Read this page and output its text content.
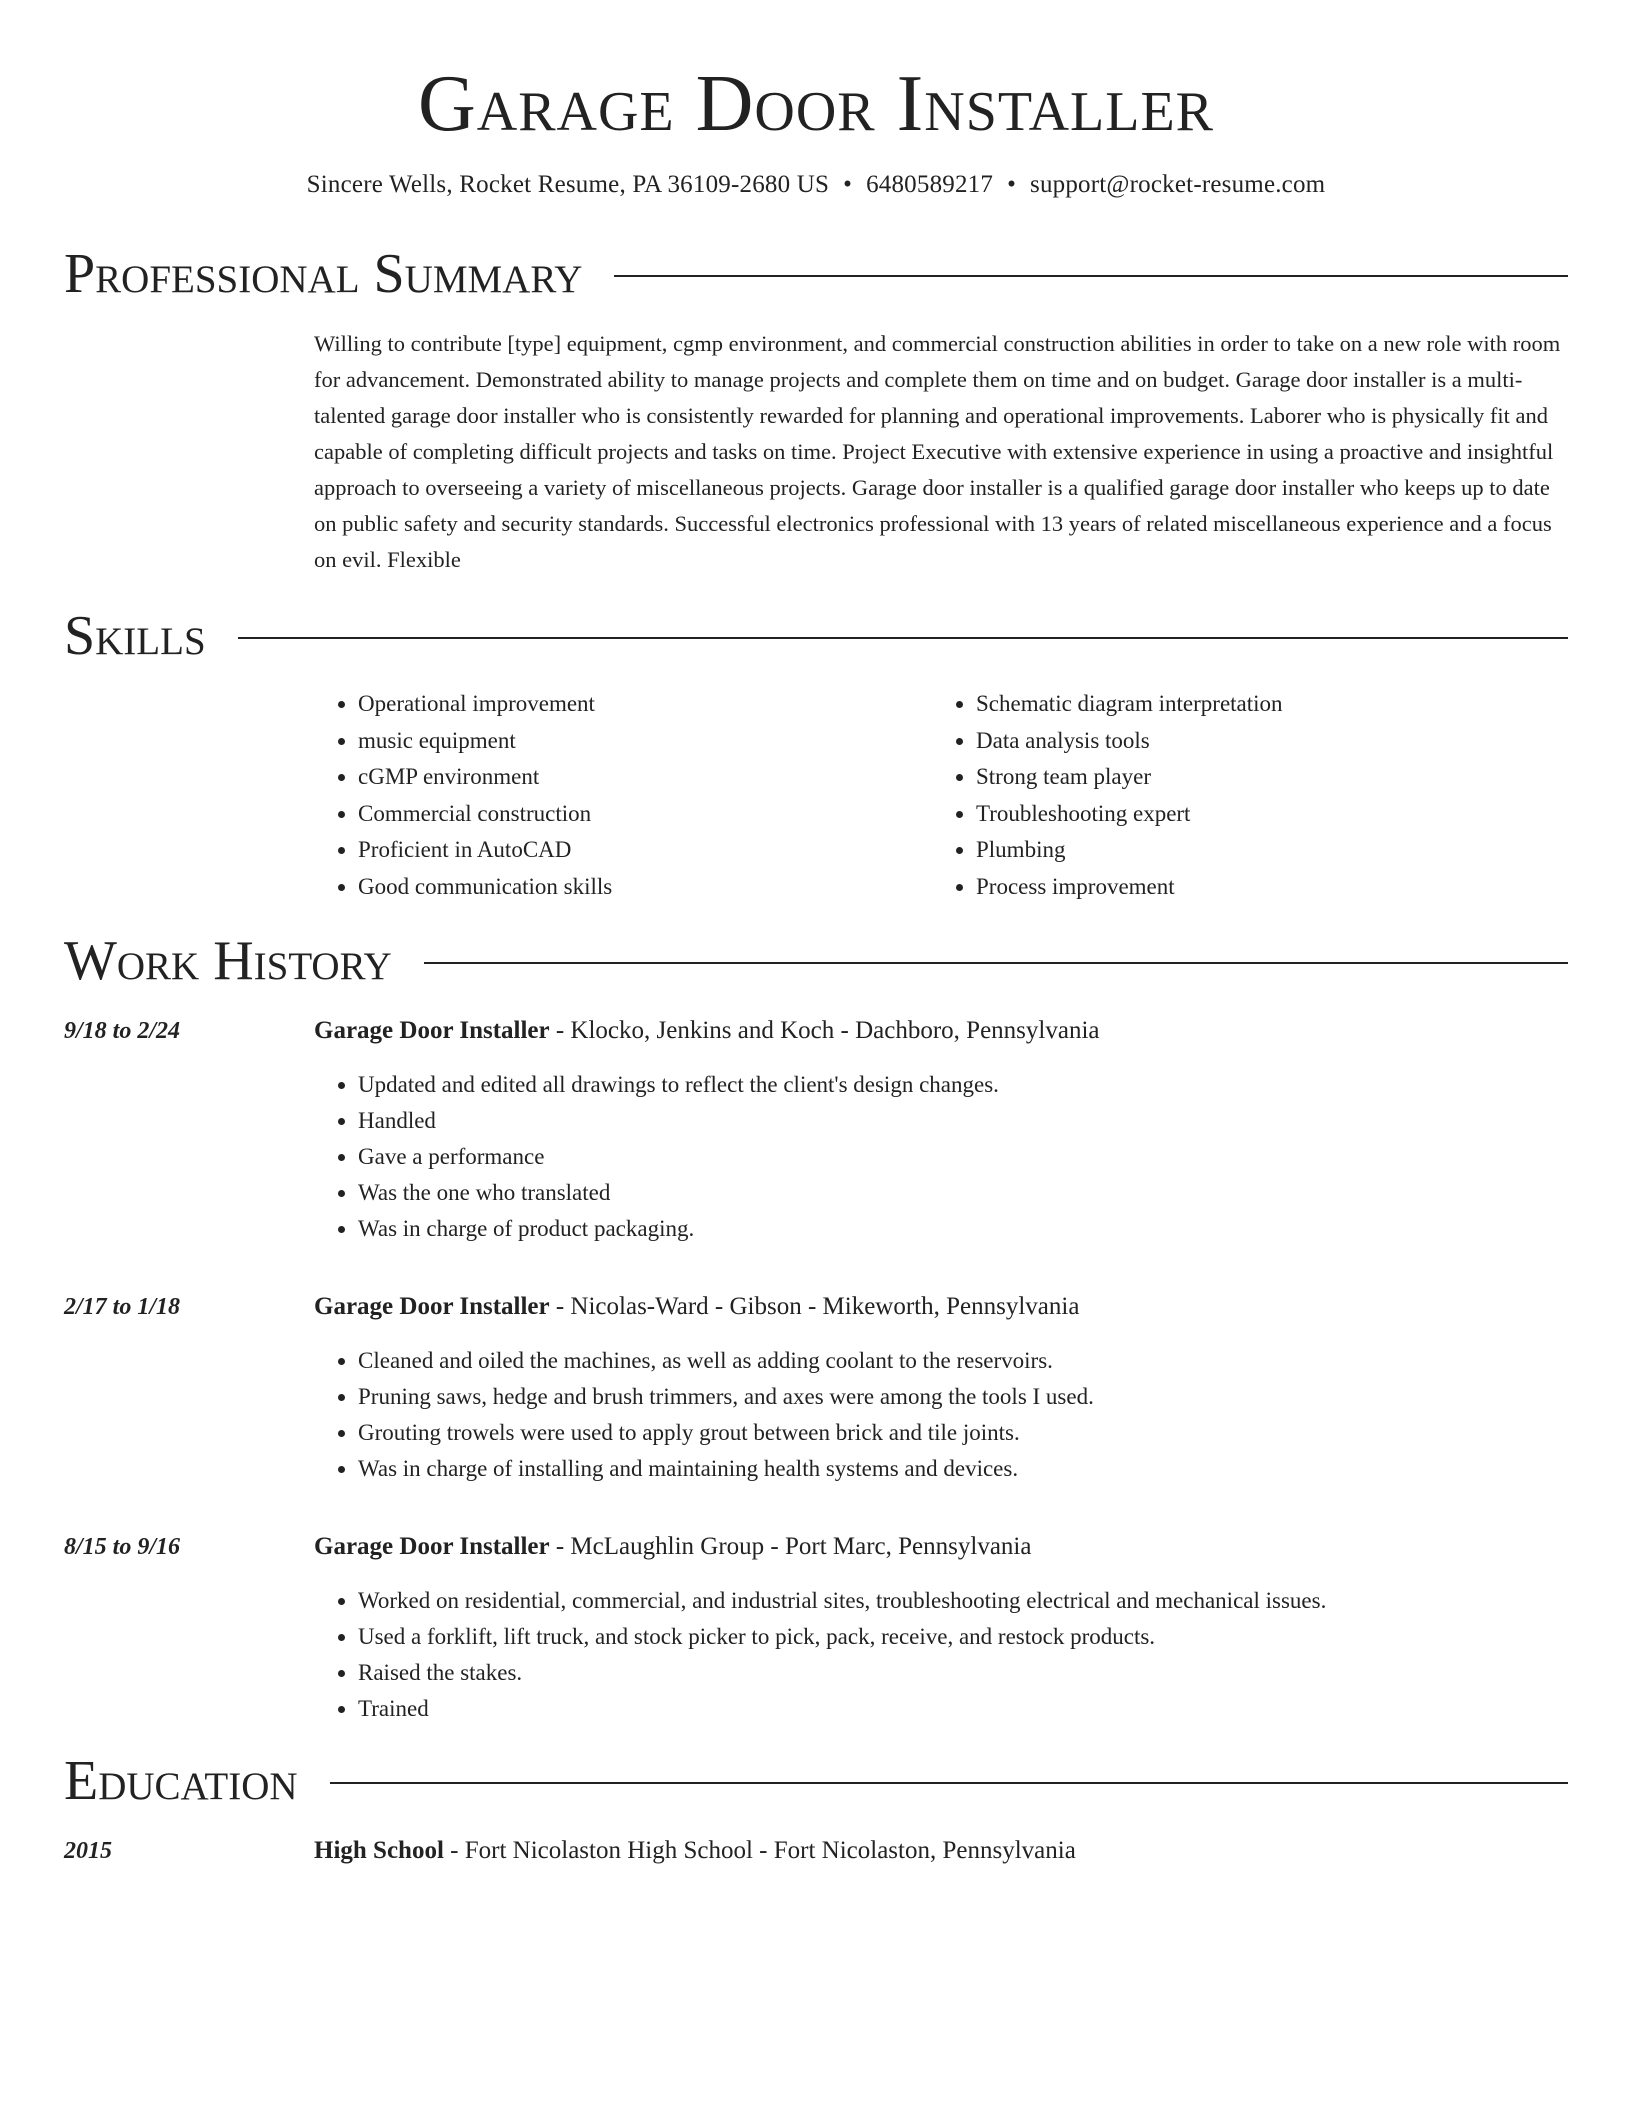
Garage Door Installer
Sincere Wells, Rocket Resume, PA 36109-2680 US • 6480589217 • support@rocket-resume.com
Professional Summary
Willing to contribute [type] equipment, cgmp environment, and commercial construction abilities in order to take on a new role with room for advancement. Demonstrated ability to manage projects and complete them on time and on budget. Garage door installer is a multi-talented garage door installer who is consistently rewarded for planning and operational improvements. Laborer who is physically fit and capable of completing difficult projects and tasks on time. Project Executive with extensive experience in using a proactive and insightful approach to overseeing a variety of miscellaneous projects. Garage door installer is a qualified garage door installer who keeps up to date on public safety and security standards. Successful electronics professional with 13 years of related miscellaneous experience and a focus on evil. Flexible
Skills
• Operational improvement
• music equipment
• cGMP environment
• Commercial construction
• Proficient in AutoCAD
• Good communication skills
• Schematic diagram interpretation
• Data analysis tools
• Strong team player
• Troubleshooting expert
• Plumbing
• Process improvement
Work History
9/18 to 2/24	Garage Door Installer - Klocko, Jenkins and Koch - Dachboro, Pennsylvania
• Updated and edited all drawings to reflect the client's design changes.
• Handled
• Gave a performance
• Was the one who translated
• Was in charge of product packaging.
2/17 to 1/18	Garage Door Installer - Nicolas-Ward - Gibson - Mikeworth, Pennsylvania
• Cleaned and oiled the machines, as well as adding coolant to the reservoirs.
• Pruning saws, hedge and brush trimmers, and axes were among the tools I used.
• Grouting trowels were used to apply grout between brick and tile joints.
• Was in charge of installing and maintaining health systems and devices.
8/15 to 9/16	Garage Door Installer - McLaughlin Group - Port Marc, Pennsylvania
• Worked on residential, commercial, and industrial sites, troubleshooting electrical and mechanical issues.
• Used a forklift, lift truck, and stock picker to pick, pack, receive, and restock products.
• Raised the stakes.
• Trained
Education
2015	High School - Fort Nicolaston High School - Fort Nicolaston, Pennsylvania
